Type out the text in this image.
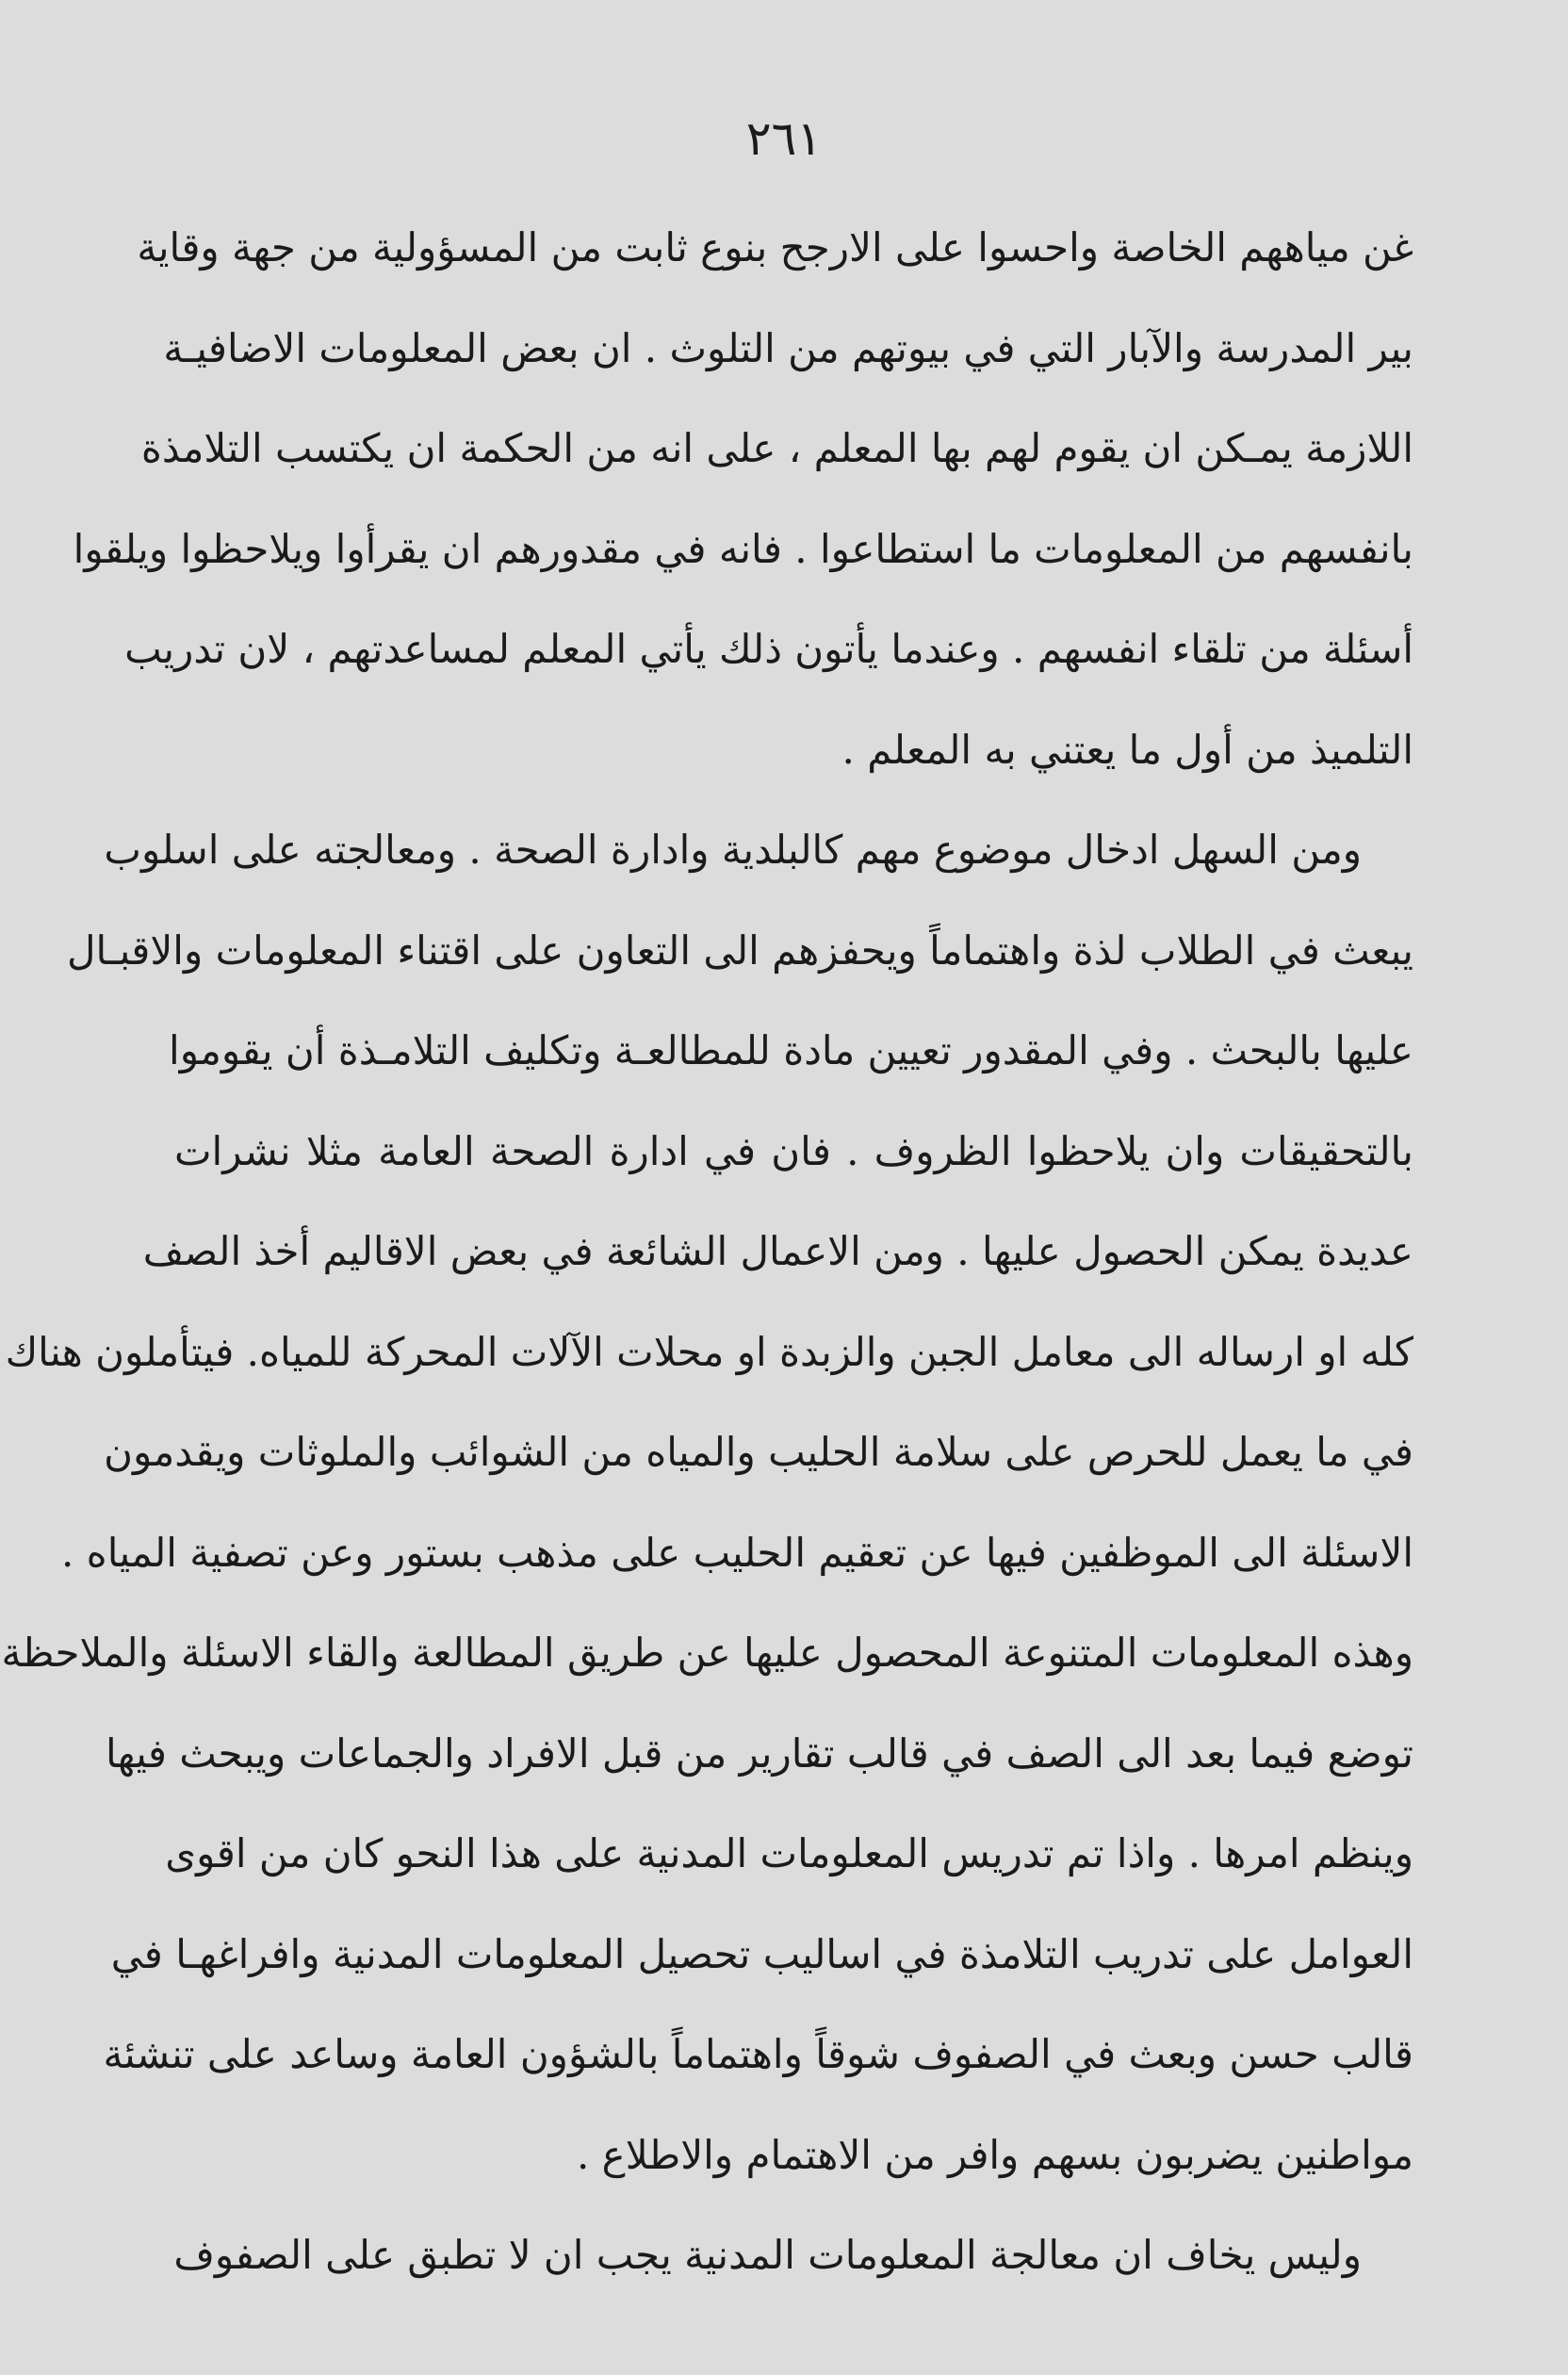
٢٦١
غن مياههم الخاصة واحسوا على الارجح بنوع ثابت من المسؤولية من جهة وقاية
بير المدرسة والآبار التي في بيوتهم من التلوث . ان بعض المعلومات الاضافيـة
اللازمة يمـكن ان يقوم لهم بها المعلم ، على انه من الحكمة ان يكتسب التلامذة
بانفسهم من المعلومات ما استطاعوا . فانه في مقدورهم ان يقرأوا ويلاحظوا ويلقوا
أسئلة من تلقاء انفسهم . وعندما يأتون ذلك يأتي المعلم لمساعدتهم ، لان تدريب
التلميذ من أول ما يعتني به المعلم .
ومن السهل ادخال موضوع مهم كالبلدية وادارة الصحة . ومعالجته على اسلوب
يبعث في الطلاب لذة واهتماماً ويحفزهم الى التعاون على اقتناء المعلومات والاقبـال
عليها بالبحث . وفي المقدور تعيين مادة للمطالعـة وتكليف التلامـذة أن يقوموا
بالتحقيقات وان يلاحظوا الظروف . فان في ادارة الصحة العامة مثلا نشرات
عديدة يمكن الحصول عليها . ومن الاعمال الشائعة في بعض الاقاليم أخذ الصف
كله او ارساله الى معامل الجبن والزبدة او محلات الآلات المحركة للمياه. فيتأملون هناك
في ما يعمل للحرص على سلامة الحليب والمياه من الشوائب والملوثات ويقدمون
الاسئلة الى الموظفين فيها عن تعقيم الحليب على مذهب بستور وعن تصفية المياه .
وهذه المعلومات المتنوعة المحصول عليها عن طريق المطالعة والقاء الاسئلة والملاحظة
توضع فيما بعد الى الصف في قالب تقارير من قبل الافراد والجماعات ويبحث فيها
وينظم امرها . واذا تم تدريس المعلومات المدنية على هذا النحو كان من اقوى
العوامل على تدريب التلامذة في اساليب تحصيل المعلومات المدنية وافراغهـا في
قالب حسن وبعث في الصفوف شوقاً واهتماماً بالشؤون العامة وساعد على تنشئة
مواطنين يضربون بسهم وافر من الاهتمام والاطلاع .
وليس يخاف ان معالجة المعلومات المدنية يجب ان لا تطبق على الصفوف
